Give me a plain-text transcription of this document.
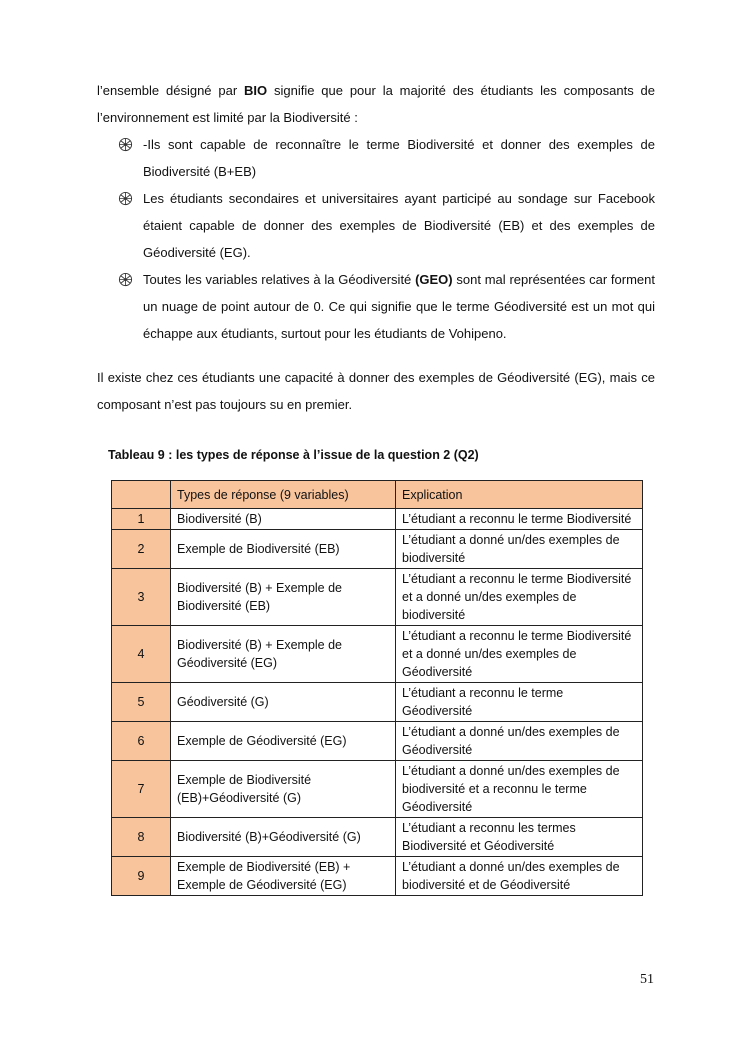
l’ensemble désigné par BIO signifie que pour la majorité des étudiants les composants de l’environnement est limité par la Biodiversité :
-Ils sont capable de reconnaître le terme Biodiversité et donner des exemples de Biodiversité (B+EB)
Les étudiants secondaires et universitaires ayant participé au sondage sur Facebook étaient capable de donner des exemples de Biodiversité (EB) et des exemples de Géodiversité (EG).
Toutes les variables relatives à la Géodiversité (GEO) sont mal représentées car forment un nuage de point autour de 0. Ce qui signifie que le terme Géodiversité est un mot qui échappe aux étudiants, surtout pour les étudiants de Vohipeno.
Il existe chez ces étudiants une capacité à donner des exemples de Géodiversité (EG), mais ce composant n’est pas toujours su en premier.
Tableau 9 : les types de réponse à l’issue de la question 2 (Q2)
	Types de réponse (9 variables)	Explication
1	Biodiversité (B)	L’étudiant a reconnu le terme Biodiversité
2	Exemple de Biodiversité (EB)	L’étudiant a donné un/des exemples de biodiversité
3	Biodiversité (B) + Exemple de Biodiversité (EB)	L’étudiant a reconnu le terme Biodiversité et a donné un/des exemples de biodiversité
4	Biodiversité (B) + Exemple de Géodiversité (EG)	L’étudiant a reconnu le terme Biodiversité et a donné un/des exemples de Géodiversité
5	Géodiversité (G)	L’étudiant a reconnu le terme Géodiversité
6	Exemple de Géodiversité (EG)	L’étudiant a donné un/des exemples de Géodiversité
7	Exemple de Biodiversité (EB)+Géodiversité (G)	L’étudiant a donné un/des exemples de biodiversité et a reconnu le terme Géodiversité
8	Biodiversité (B)+Géodiversité (G)	L’étudiant a reconnu les termes Biodiversité et Géodiversité
9	Exemple de Biodiversité (EB) + Exemple de Géodiversité (EG)	L’étudiant a donné un/des exemples de biodiversité et de Géodiversité
51
